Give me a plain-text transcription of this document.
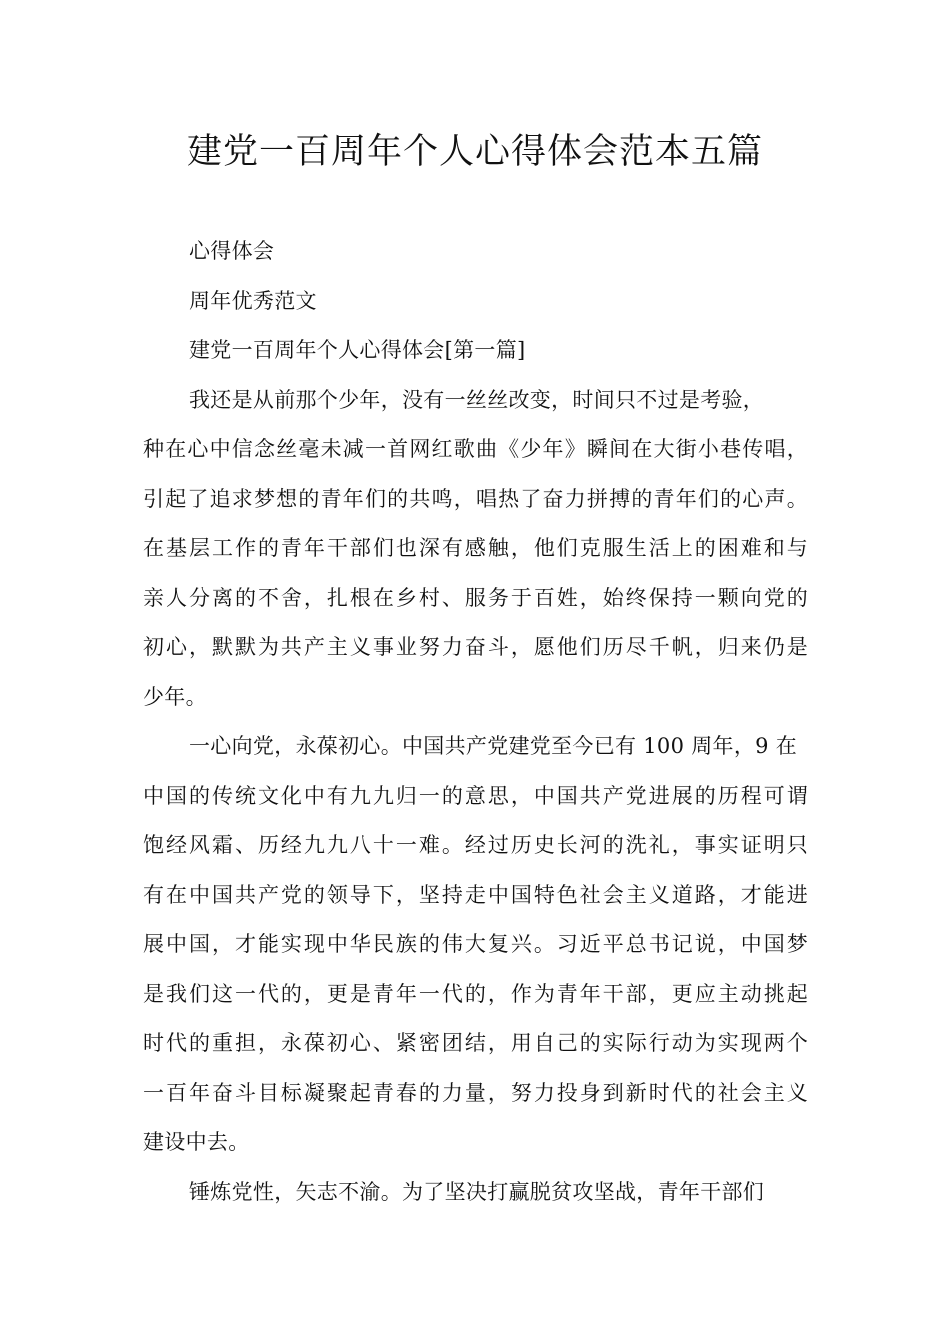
建党一百周年个人心得体会范本五篇
心得体会
周年优秀范文
建党一百周年个人心得体会[第一篇]
我还是从前那个少年，没有一丝丝改变，时间只不过是考验，
种在心中信念丝毫未减一首网红歌曲《少年》瞬间在大街小巷传唱，
引起了追求梦想的青年们的共鸣，唱热了奋力拼搏的青年们的心声。
在基层工作的青年干部们也深有感触，他们克服生活上的困难和与
亲人分离的不舍，扎根在乡村、服务于百姓，始终保持一颗向党的
初心，默默为共产主义事业努力奋斗，愿他们历尽千帆，归来仍是
少年。
一心向党，永葆初心。中国共产党建党至今已有 100 周年，9 在
中国的传统文化中有九九归一的意思，中国共产党进展的历程可谓
饱经风霜、历经九九八十一难。经过历史长河的洗礼，事实证明只
有在中国共产党的领导下，坚持走中国特色社会主义道路，才能进
展中国，才能实现中华民族的伟大复兴。习近平总书记说，中国梦
是我们这一代的，更是青年一代的，作为青年干部，更应主动挑起
时代的重担，永葆初心、紧密团结，用自己的实际行动为实现两个
一百年奋斗目标凝聚起青春的力量，努力投身到新时代的社会主义
建设中去。
锤炼党性，矢志不渝。为了坚决打赢脱贫攻坚战，青年干部们
